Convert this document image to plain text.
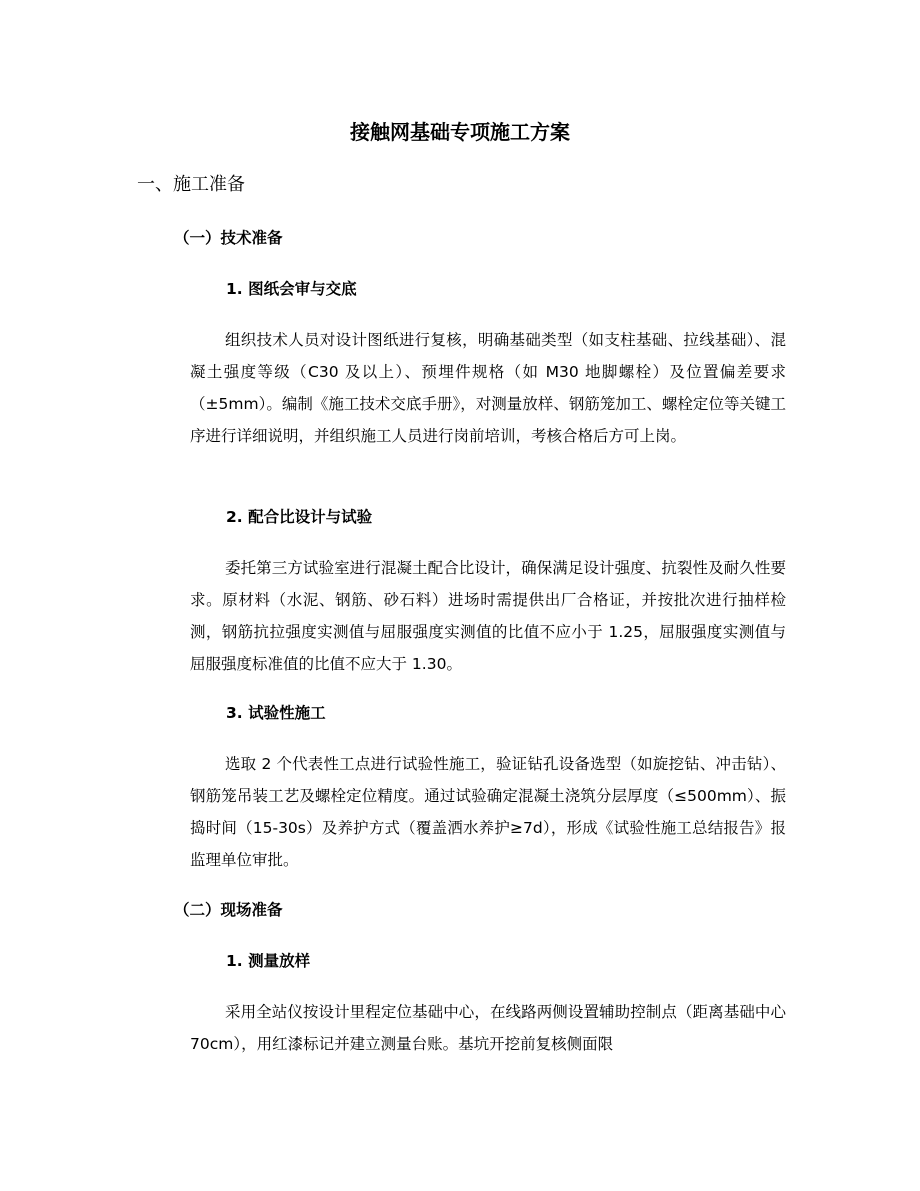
接触网基础专项施工方案
一、施工准备
（一）技术准备
1. 图纸会审与交底

组织技术人员对设计图纸进行复核，明确基础类型（如支柱基础、拉线基础）、混凝土强度等级（C30 及以上）、预埋件规格（如 M30 地脚螺栓）及位置偏差要求（±5mm）。编制《施工技术交底手册》，对测量放样、钢筋笼加工、螺栓定位等关键工序进行详细说明，并组织施工人员进行岗前培训，考核合格后方可上岗。

2. 配合比设计与试验

委托第三方试验室进行混凝土配合比设计，确保满足设计强度、抗裂性及耐久性要求。原材料（水泥、钢筋、砂石料）进场时需提供出厂合格证，并按批次进行抽样检测，钢筋抗拉强度实测值与屈服强度实测值的比值不应小于 1.25，屈服强度实测值与屈服强度标准值的比值不应大于 1.30。

3. 试验性施工

选取 2 个代表性工点进行试验性施工，验证钻孔设备选型（如旋挖钻、冲击钻）、钢筋笼吊装工艺及螺栓定位精度。通过试验确定混凝土浇筑分层厚度（≤500mm）、振捣时间（15-30s）及养护方式（覆盖洒水养护≥7d），形成《试验性施工总结报告》报监理单位审批。

（二）现场准备
1. 测量放样

采用全站仪按设计里程定位基础中心，在线路两侧设置辅助控制点（距离基础中心 70cm），用红漆标记并建立测量台账。基坑开挖前复核侧面限
